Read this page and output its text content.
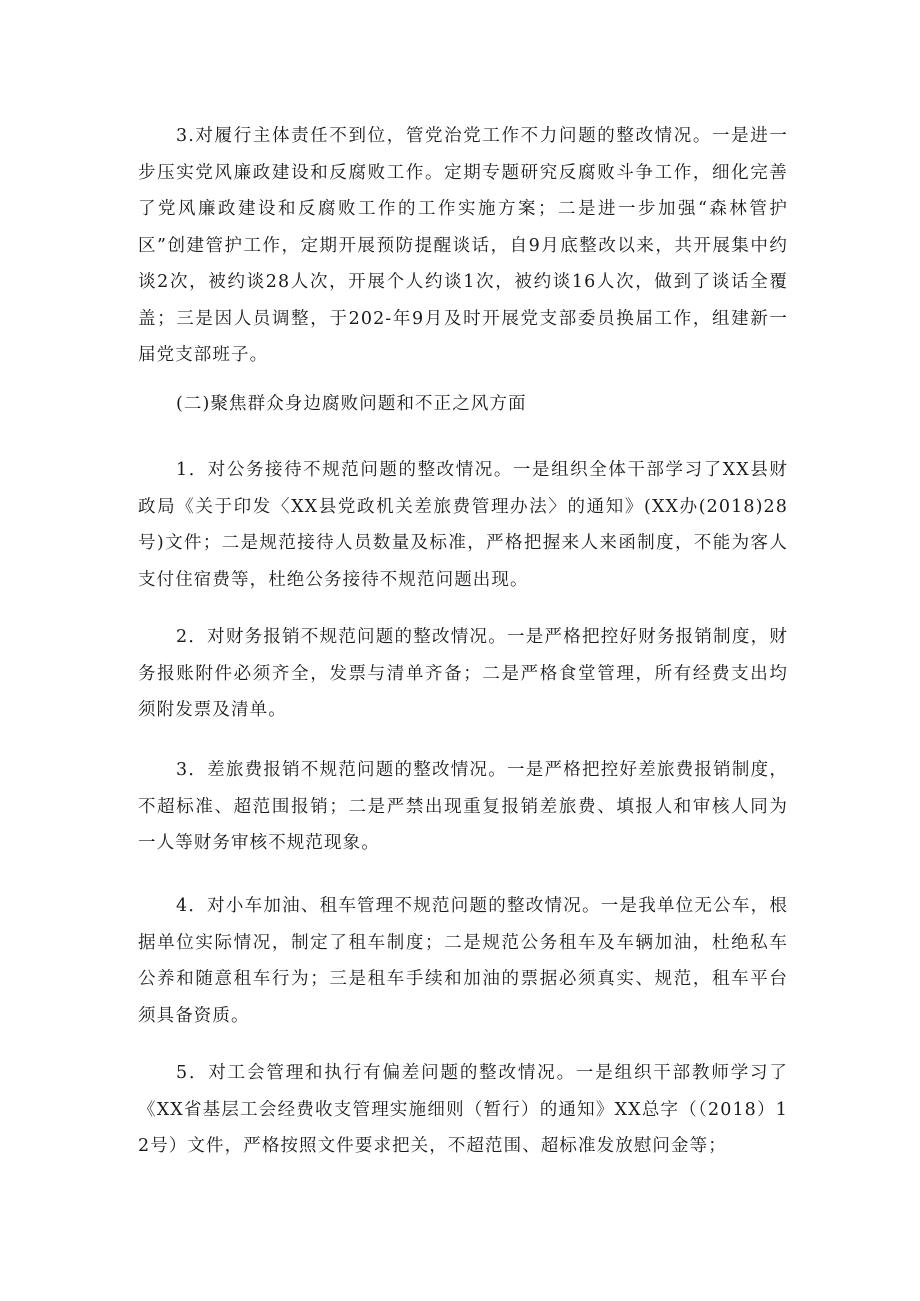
3.对履行主体责任不到位，管党治党工作不力问题的整改情况。一是进一步压实党风廉政建设和反腐败工作。定期专题研究反腐败斗争工作，细化完善了党风廉政建设和反腐败工作的工作实施方案；二是进一步加强“森林管护区”创建管护工作，定期开展预防提醒谈话，自9月底整改以来，共开展集中约谈2次，被约谈28人次，开展个人约谈1次，被约谈16人次，做到了谈话全覆盖；三是因人员调整，于202-年9月及时开展党支部委员换届工作，组建新一届党支部班子。

(二)聚焦群众身边腐败问题和不正之风方面

1．对公务接待不规范问题的整改情况。一是组织全体干部学习了XX县财政局《关于印发〈XX县党政机关差旅费管理办法〉的通知》(XX办(2018)28号)文件；二是规范接待人员数量及标准，严格把握来人来函制度，不能为客人支付住宿费等，杜绝公务接待不规范问题出现。

2．对财务报销不规范问题的整改情况。一是严格把控好财务报销制度，财务报账附件必须齐全，发票与清单齐备；二是严格食堂管理，所有经费支出均须附发票及清单。

3．差旅费报销不规范问题的整改情况。一是严格把控好差旅费报销制度，不超标准、超范围报销；二是严禁出现重复报销差旅费、填报人和审核人同为一人等财务审核不规范现象。

4．对小车加油、租车管理不规范问题的整改情况。一是我单位无公车，根据单位实际情况，制定了租车制度；二是规范公务租车及车辆加油，杜绝私车公养和随意租车行为；三是租车手续和加油的票据必须真实、规范，租车平台须具备资质。

5．对工会管理和执行有偏差问题的整改情况。一是组织干部教师学习了《XX省基层工会经费收支管理实施细则（暂行）的通知》XX总字（（2018）12号）文件，严格按照文件要求把关，不超范围、超标准发放慰问金等；
